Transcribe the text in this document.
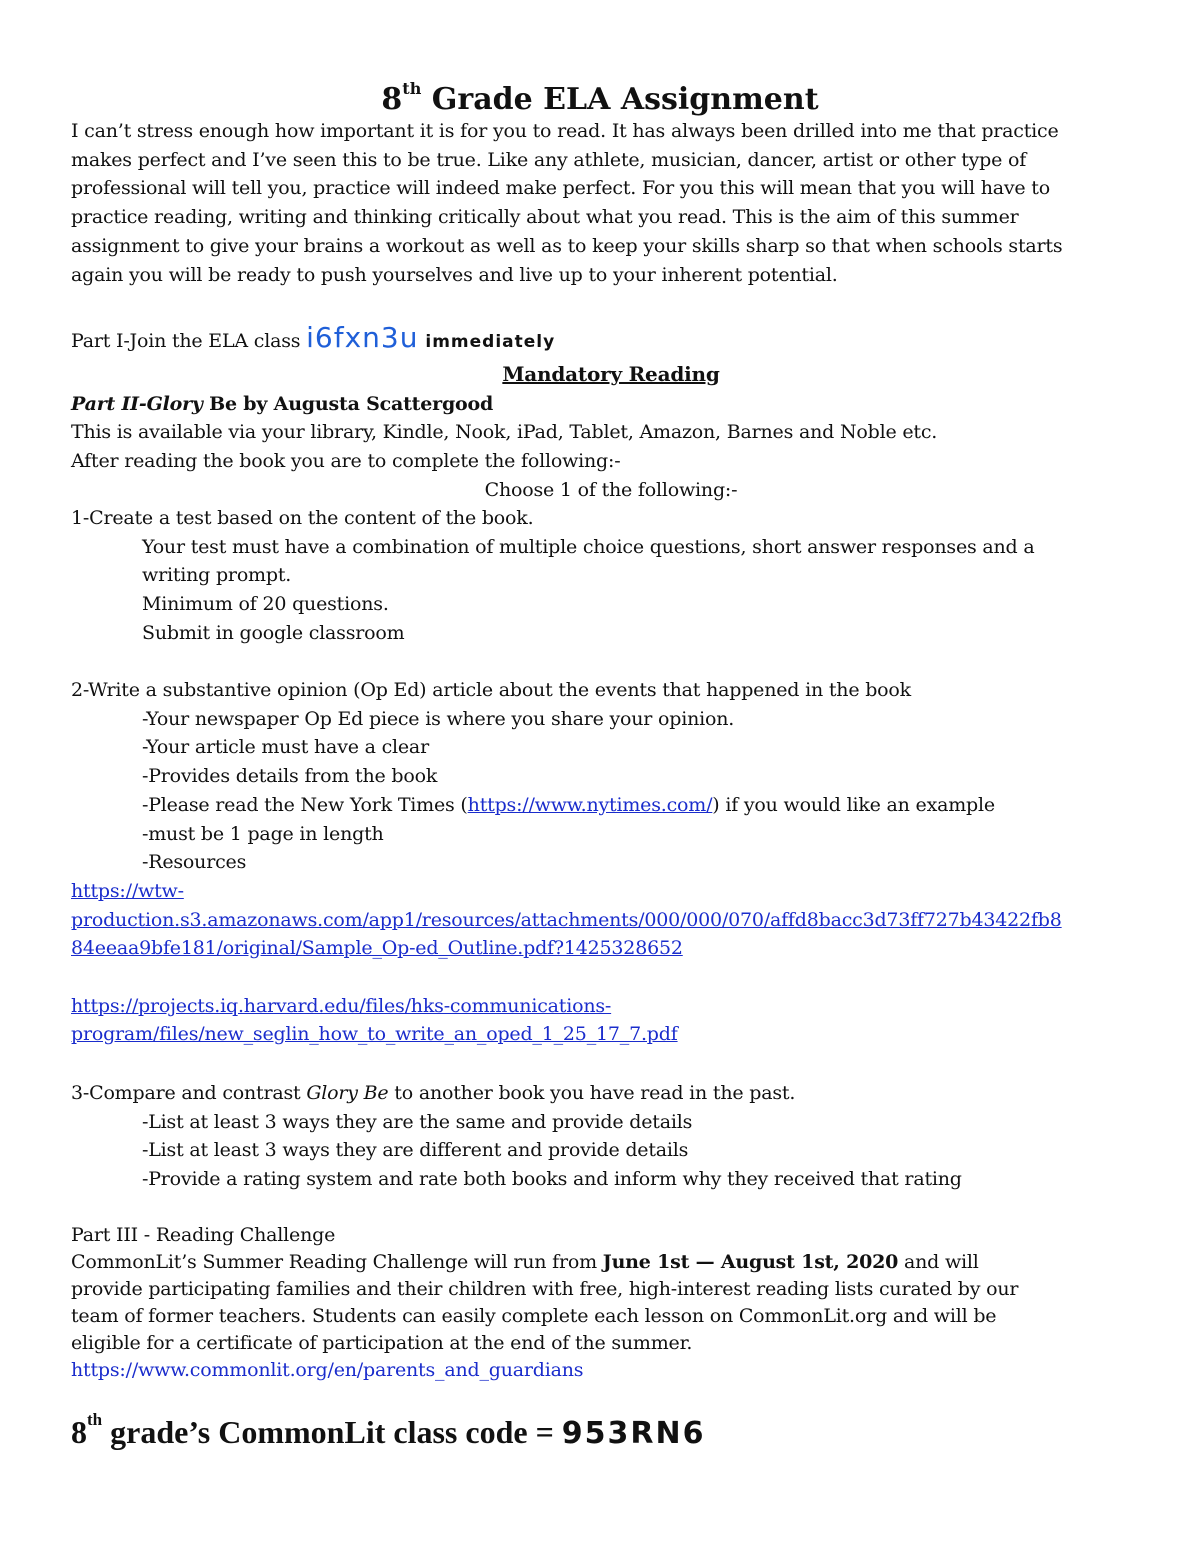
8th Grade ELA Assignment
I can’t stress enough how important it is for you to read. It has always been drilled into me that practice
makes perfect and I’ve seen this to be true. Like any athlete, musician, dancer, artist or other type of
professional will tell you, practice will indeed make perfect. For you this will mean that you will have to
practice reading, writing and thinking critically about what you read. This is the aim of this summer
assignment to give your brains a workout as well as to keep your skills sharp so that when schools starts
again you will be ready to push yourselves and live up to your inherent potential.
Part I-Join the ELA class i6fxn3u immediately
Mandatory Reading
Part II-Glory Be by Augusta Scattergood
This is available via your library, Kindle, Nook, iPad, Tablet, Amazon, Barnes and Noble etc.
After reading the book you are to complete the following:-
Choose 1 of the following:-
1-Create a test based on the content of the book.
Your test must have a combination of multiple choice questions, short answer responses and a
writing prompt.
Minimum of 20 questions.
Submit in google classroom
2-Write a substantive opinion (Op Ed) article about the events that happened in the book
-Your newspaper Op Ed piece is where you share your opinion.
-Your article must have a clear
-Provides details from the book
-Please read the New York Times (https://www.nytimes.com/) if you would like an example
-must be 1 page in length
-Resources
https://wtw-
production.s3.amazonaws.com/app1/resources/attachments/000/000/070/affd8bacc3d73ff727b43422fb8
84eeaa9bfe181/original/Sample_Op-ed_Outline.pdf?1425328652

https://projects.iq.harvard.edu/files/hks-communications-
program/files/new_seglin_how_to_write_an_oped_1_25_17_7.pdf
3-Compare and contrast Glory Be to another book you have read in the past.
-List at least 3 ways they are the same and provide details
-List at least 3 ways they are different and provide details
-Provide a rating system and rate both books and inform why they received that rating
Part III - Reading Challenge
CommonLit’s Summer Reading Challenge will run from June 1st — August 1st, 2020 and will
provide participating families and their children with free, high-interest reading lists curated by our
team of former teachers. Students can easily complete each lesson on CommonLit.org and will be
eligible for a certificate of participation at the end of the summer.
https://www.commonlit.org/en/parents_and_guardians
8th grade’s CommonLit class code = 953RN6
